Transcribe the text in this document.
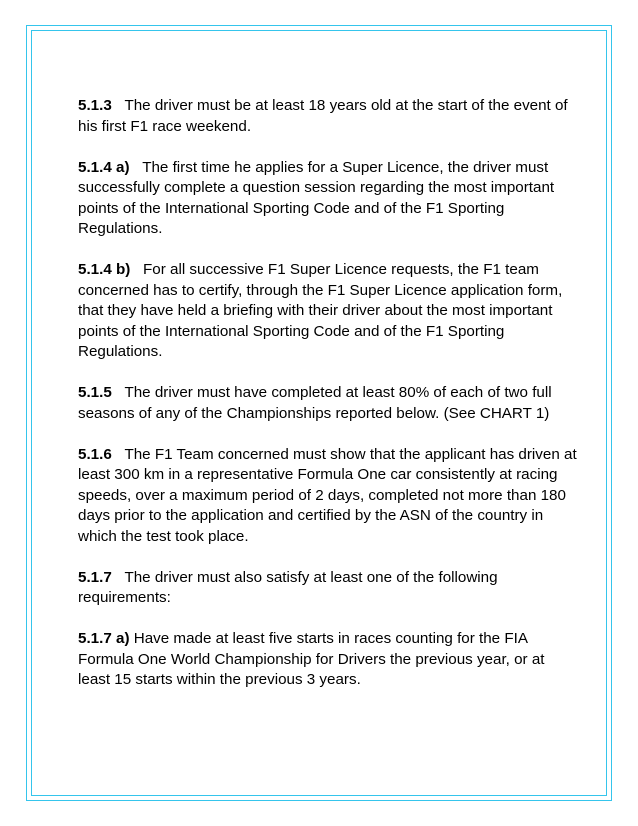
5.1.3 The driver must be at least 18 years old at the start of the event of his first F1 race weekend.

5.1.4 a) The first time he applies for a Super Licence, the driver must successfully complete a question session regarding the most important points of the International Sporting Code and of the F1 Sporting Regulations.

5.1.4 b) For all successive F1 Super Licence requests, the F1 team concerned has to certify, through the F1 Super Licence application form, that they have held a briefing with their driver about the most important points of the International Sporting Code and of the F1 Sporting Regulations.

5.1.5 The driver must have completed at least 80% of each of two full seasons of any of the Championships reported below. (See CHART 1)

5.1.6 The F1 Team concerned must show that the applicant has driven at least 300 km in a representative Formula One car consistently at racing speeds, over a maximum period of 2 days, completed not more than 180 days prior to the application and certified by the ASN of the country in which the test took place.

5.1.7 The driver must also satisfy at least one of the following requirements:

5.1.7 a) Have made at least five starts in races counting for the FIA Formula One World Championship for Drivers the previous year, or at least 15 starts within the previous 3 years.
